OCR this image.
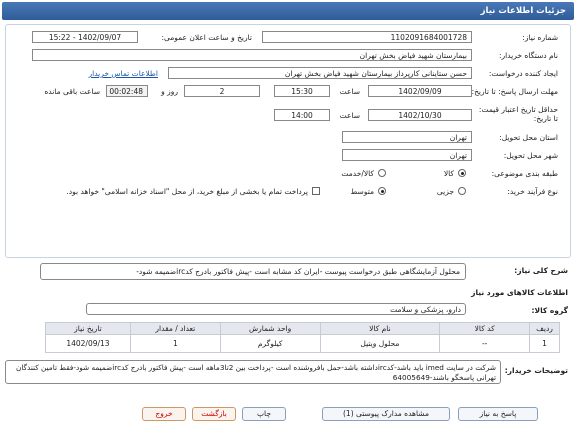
جزئیات اطلاعات نیاز
شماره نیاز:
1102091684001728
تاریخ و ساعت اعلان عمومی:
1402/09/07 - 15:22
نام دستگاه خریدار:
بیمارستان شهید فیاض بخش تهران
ایجاد کننده درخواست:
حسن ستاینانی کارپرداز بیمارستان شهید فیاض بخش تهران
اطلاعات تماس خریدار
مهلت ارسال پاسخ: تا تاریخ:
1402/09/09
ساعت
15:30
2
روز و
00:02:48
ساعت باقی مانده
حداقل تاریخ اعتبار قیمت: تا تاریخ:
1402/10/30
ساعت
14:00
استان محل تحویل:
تهران
شهر محل تحویل:
تهران
طبقه بندی موضوعی:
کالا
کالا/خدمت
نوع فرآیند خرید:
جزیی
متوسط
پرداخت تمام یا بخشی از مبلغ خرید، از محل "اسناد خزانه اسلامی" خواهد بود.
شرح کلی نیاز:
محلول آزمایشگاهی طبق درخواست پیوست -ایران کد مشابه است -پیش فاکتور بادرج کدircضمیمه شود-
اطلاعات کالاهای مورد نیاز
گروه کالا:
دارو، پزشکی و سلامت
ردیف	کد کالا	نام کالا	واحد شمارش	تعداد / مقدار	تاریخ نیاز
1	--	محلول ویتیل	کیلوگرم	1	1402/09/13
توضیحات خریدار:
شرکت در سایت imed باید باشد-کدircداشته باشد-حمل بافروشنده است -پرداخت بین 2تا3ماهه است -پیش فاکتور بادرج کدircضمیمه شود-فقط تامین کنندگان تهرانی پاسخگو باشند-64005649
پاسخ به نیاز
مشاهده مدارک پیوستی (1)
چاپ
بازگشت
خروج
